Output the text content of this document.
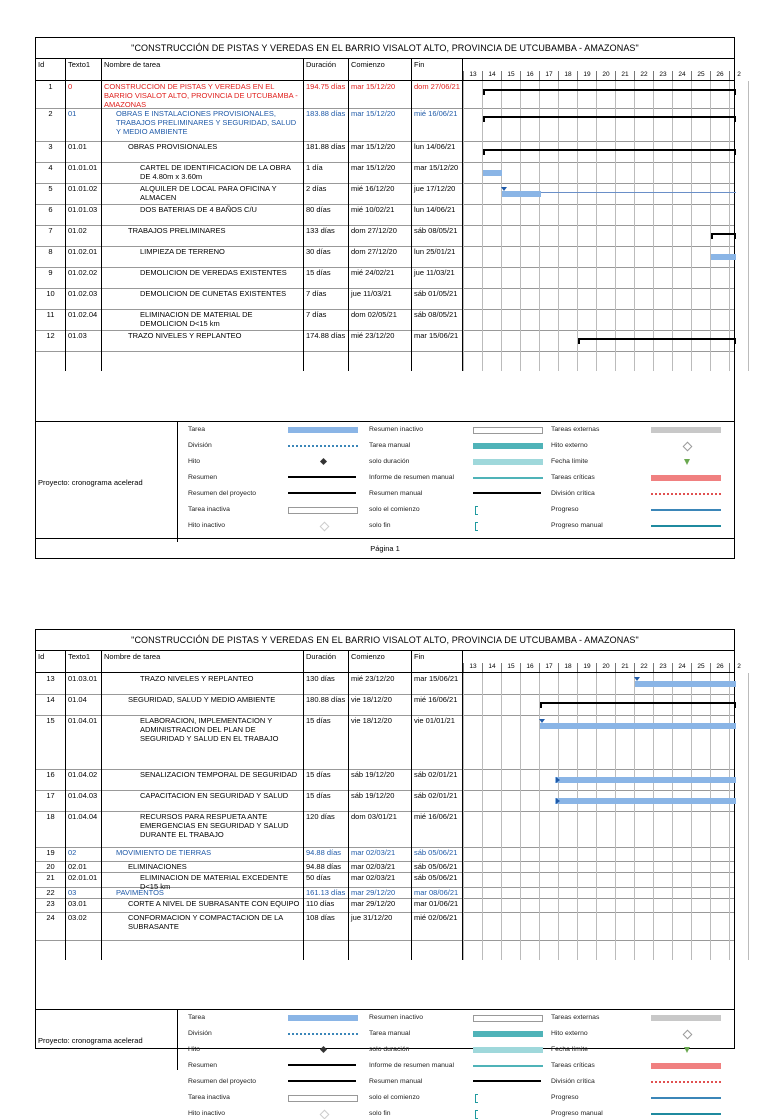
"CONSTRUCCIÓN DE PISTAS Y VEREDAS EN EL BARRIO VISALOT ALTO, PROVINCIA DE UTCUBAMBA - AMAZONAS"
Id	Texto1	Nombre de tarea	Duración	Comienzo	Fin
13	14	15	16	17	18	19	20	21	22	23	24	25	26	2
1	0	CONSTRUCCION DE PISTAS Y VEREDAS EN EL BARRIO VISALOT ALTO, PROVINCIA DE UTCUBAMBA - AMAZONAS
194.75 días mar 15/12/20	dom 27/06/21
2	01	OBRAS E INSTALACIONES PROVISIONALES, TRABAJOS PRELIMINARES Y SEGURIDAD, SALUD Y MEDIO AMBIENTE
183.88 días mar 15/12/20	mié 16/06/21
3	01.01	OBRAS PROVISIONALES	181.88 días mar 15/12/20	lun 14/06/21
4	01.01.01	CARTEL DE IDENTIFICACION DE LA OBRA DE 4.80m x 3.60m
1 día	mar 15/12/20	mar 15/12/20
5	01.01.02	ALQUILER DE LOCAL PARA OFICINA Y ALMACEN
2 días	mié 16/12/20	jue 17/12/20
6	01.01.03	DOS BATERIAS DE 4 BAÑOS C/U	80 días	mié 10/02/21	lun 14/06/21
7	01.02	TRABAJOS PRELIMINARES	133 días	dom 27/12/20	sáb 08/05/21
8	01.02.01	LIMPIEZA DE TERRENO	30 días	dom 27/12/20	lun 25/01/21
9	01.02.02	DEMOLICION DE VEREDAS EXISTENTES	15 días	mié 24/02/21	jue 11/03/21
10	01.02.03	DEMOLICION DE CUNETAS EXISTENTES	7 días	jue 11/03/21	sáb 01/05/21
11	01.02.04	ELIMINACION DE MATERIAL DE DEMOLICION D<15 km
7 días	dom 02/05/21	sáb 08/05/21
12	01.03	TRAZO NIVELES Y REPLANTEO	174.88 días mié 23/12/20	mar 15/06/21
Proyecto: cronograma acelerad
Tarea
División
Hito
Resumen
Resumen del proyecto
Tarea inactiva
Hito inactivo
Resumen inactivo
Tarea manual
solo duración
Informe de resumen manual
Resumen manual
solo el comienzo
solo fin
Tareas externas
Hito externo
Fecha límite
Tareas críticas
División crítica
Progreso
Progreso manual
Página 1
"CONSTRUCCIÓN DE PISTAS Y VEREDAS EN EL BARRIO VISALOT ALTO, PROVINCIA DE UTCUBAMBA - AMAZONAS"
Id	Texto1	Nombre de tarea	Duración	Comienzo	Fin
13	14	15	16	17	18	19	20	21	22	23	24	25	26	2
13	01.03.01	TRAZO NIVELES Y REPLANTEO	130 días	mié 23/12/20	mar 15/06/21
14	01.04	SEGURIDAD, SALUD Y MEDIO AMBIENTE	180.88 días vie 18/12/20	mié 16/06/21
15	01.04.01	ELABORACION, IMPLEMENTACION Y ADMINISTRACION DEL PLAN DE SEGURIDAD Y SALUD EN EL TRABAJO
15 días	vie 18/12/20	vie 01/01/21
16	01.04.02	SENALIZACION TEMPORAL DE SEGURIDAD	15 días	sáb 19/12/20	sáb 02/01/21
17	01.04.03	CAPACITACION EN SEGURIDAD Y SALUD	15 días	sáb 19/12/20	sáb 02/01/21
18	01.04.04	RECURSOS PARA RESPUETA ANTE EMERGENCIAS EN SEGURIDAD Y SALUD DURANTE EL TRABAJO
120 días	dom 03/01/21	mié 16/06/21
19	02	MOVIMIENTO DE TIERRAS	94.88 días	mar 02/03/21	sáb 05/06/21
20	02.01	ELIMINACIONES	94.88 días	mar 02/03/21	sáb 05/06/21
21	02.01.01	ELIMINACION DE MATERIAL EXCEDENTE D<15 km
50 días	mar 02/03/21	sáb 05/06/21
22	03	PAVIMENTOS	161.13 días mar 29/12/20	mar 08/06/21
23	03.01	CORTE A NIVEL DE SUBRASANTE CON EQUIPO 110 días	mar 29/12/20	mar 01/06/21
24	03.02	CONFORMACION Y COMPACTACION DE LA SUBRASANTE
108 días	jue 31/12/20	mié 02/06/21
Proyecto: cronograma acelerad
Tarea
División
Hito
Resumen
Resumen del proyecto
Tarea inactiva
Hito inactivo
Resumen inactivo
Tarea manual
solo duración
Informe de resumen manual
Resumen manual
solo el comienzo
solo fin
Tareas externas
Hito externo
Fecha límite
Tareas críticas
División crítica
Progreso
Progreso manual
